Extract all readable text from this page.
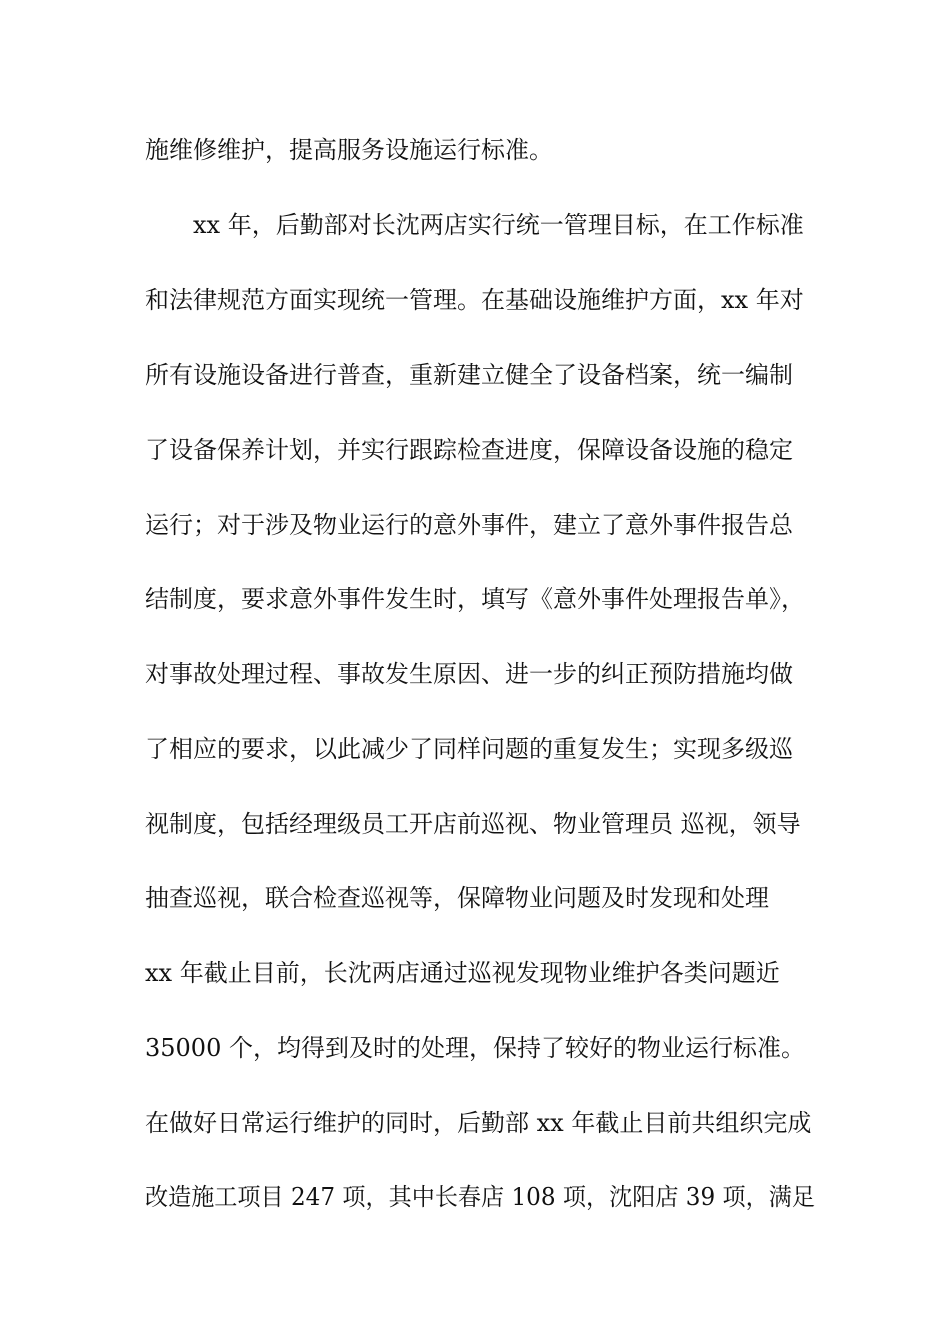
施维修维护，提高服务设施运行标准。
xx 年，后勤部对长沈两店实行统一管理目标，在工作标准
和法律规范方面实现统一管理。在基础设施维护方面，xx 年对
所有设施设备进行普查，重新建立健全了设备档案，统一编制
了设备保养计划，并实行跟踪检查进度，保障设备设施的稳定
运行；对于涉及物业运行的意外事件，建立了意外事件报告总
结制度，要求意外事件发生时，填写《意外事件处理报告单》，
对事故处理过程、事故发生原因、进一步的纠正预防措施均做
了相应的要求，以此减少了同样问题的重复发生；实现多级巡
视制度，包括经理级员工开店前巡视、物业管理员 巡视，领导
抽查巡视，联合检查巡视等，保障物业问题及时发现和处理
xx 年截止目前，长沈两店通过巡视发现物业维护各类问题近
35000 个，均得到及时的处理，保持了较好的物业运行标准。
在做好日常运行维护的同时，后勤部 xx 年截止目前共组织完成
改造施工项目 247 项，其中长春店 108 项，沈阳店 39 项，满足
